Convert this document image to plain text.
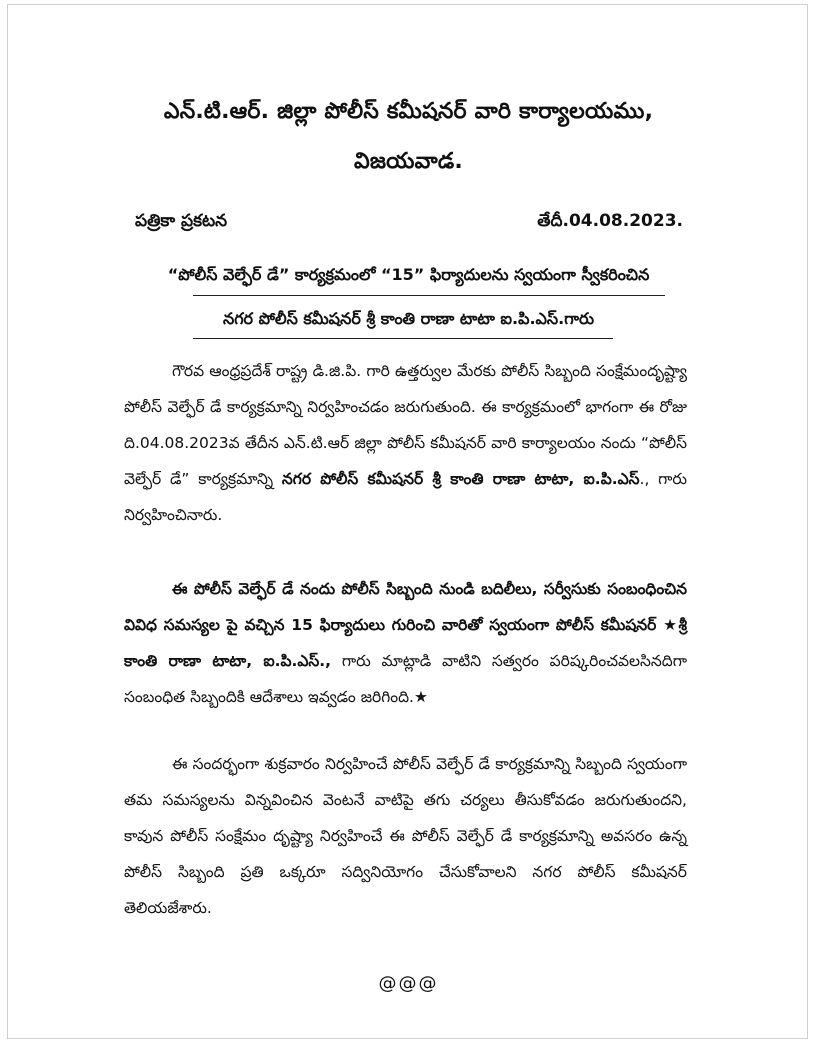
ఎన్.టి.ఆర్. జిల్లా పోలీస్ కమీషనర్ వారి కార్యాలయము,
విజయవాడ.
పత్రికా ప్రకటన	తేదీ.04.08.2023.
“పోలీస్ వెల్ఫేర్ డే” కార్యక్రమంలో “15” ఫిర్యాదులను స్వయంగా స్వీకరించిన
నగర పోలీస్ కమీషనర్ శ్రీ కాంతి రాణా టాటా ఐ.పి.ఎస్.గారు
గౌరవ ఆంధ్రప్రదేశ్ రాష్ట్ర డి.జి.పి. గారి ఉత్తర్వుల మేరకు పోలీస్ సిబ్బంది సంక్షేమందృష్ట్యా పోలీస్ వెల్ఫేర్ డే కార్యక్రమాన్ని నిర్వహించడం జరుగుతుంది. ఈ కార్యక్రమంలో భాగంగా ఈ రోజు ది.04.08.2023వ తేదీన ఎన్.టి.ఆర్ జిల్లా పోలీస్ కమీషనర్ వారి కార్యాలయం నందు “పోలీస్ వెల్ఫేర్ డే” కార్యక్రమాన్ని నగర పోలీస్ కమీషనర్ శ్రీ కాంతి రాణా టాటా, ఐ.పి.ఎస్., గారు నిర్వహించినారు.
ఈ పోలీస్ వెల్ఫేర్ డే నందు పోలీస్ సిబ్బంది నుండి బదిలీలు, సర్వీసుకు సంబంధించిన వివిధ సమస్యల పై వచ్చిన 15 ఫిర్యాదులు గురించి వారితో స్వయంగా పోలీస్ కమీషనర్ ★శ్రీ కాంతి రాణా టాటా, ఐ.పి.ఎస్., గారు మాట్లాడి వాటిని సత్వరం పరిష్కరించవలసినదిగా సంబంధిత సిబ్బందికి ఆదేశాలు ఇవ్వడం జరిగింది.★
ఈ సందర్భంగా శుక్రవారం నిర్వహించే పోలీస్ వెల్ఫేర్ డే కార్యక్రమాన్ని సిబ్బంది స్వయంగా తమ సమస్యలను విన్నవించిన వెంటనే వాటిపై తగు చర్యలు తీసుకోవడం జరుగుతుందని, కావున పోలీస్ సంక్షేమం దృష్ట్యా నిర్వహించే ఈ పోలీస్ వెల్ఫేర్ డే కార్యక్రమాన్ని అవసరం ఉన్న పోలీస్ సిబ్బంది ప్రతి ఒక్కరూ సద్వినియోగం చేసుకోవాలని నగర పోలీస్ కమీషనర్ తెలియజేశారు.
@@@
